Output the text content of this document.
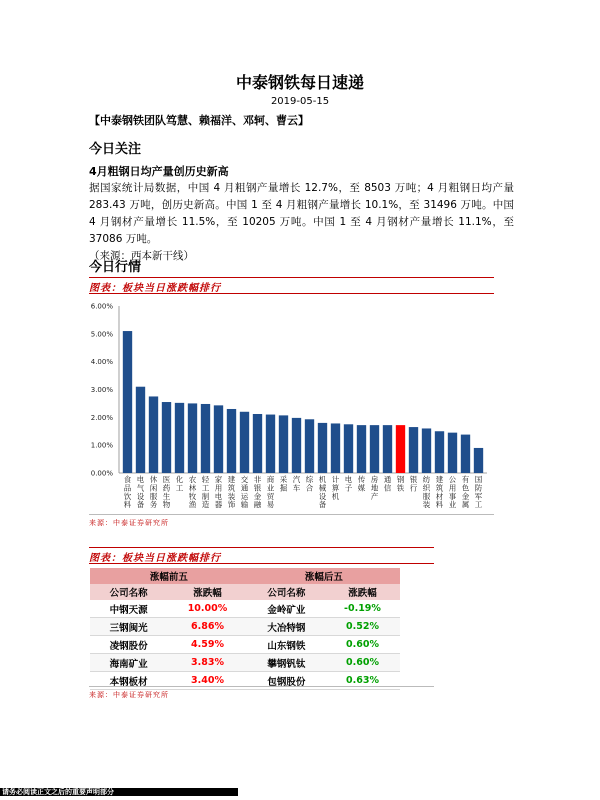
中泰钢铁每日速递
2019-05-15
【中泰钢铁团队笃慧、赖福洋、邓轲、曹云】
今日关注
4月粗钢日均产量创历史新高

据国家统计局数据，中国 4 月粗钢产量增长 12.7%，至 8503 万吨；4 月粗钢日均产量 283.43 万吨，创历史新高。中国 1 至 4 月粗钢产量增长 10.1%，至 31496 万吨。中国 4 月钢材产量增长 11.5%，至 10205 万吨。中国 1 至 4 月钢材产量增长 11.1%，至 37086 万吨。

（来源：西本新干线）

今日行情
图表：板块当日涨跌幅排行
0.00%
1.00%
2.00%
3.00%
4.00%
5.00%
6.00%
食品饮料
电气设备
休闲服务
医药生物
化工
农林牧渔
轻工制造
家用电器
建筑装饰
交通运输
非银金融
商业贸易
采掘
汽车
综合
机械设备
计算机
电子
传媒
房地产
通信
钢铁
银行
纺织服装
建筑材料
公用事业
有色金属
国防军工
来源：中泰证券研究所
图表：板块当日涨跌幅排行
涨幅前五		涨幅后五	
公司名称	涨跌幅	公司名称	涨跌幅
中钢天源	10.00%	金岭矿业	-0.19%
三钢闽光	6.86%	大冶特钢	0.52%
凌钢股份	4.59%	山东钢铁	0.60%
海南矿业	3.83%	攀钢钒钛	0.60%
本钢板材	3.40%	包钢股份	0.63%
来源：中泰证券研究所
请务必阅读正文之后的重要声明部分
